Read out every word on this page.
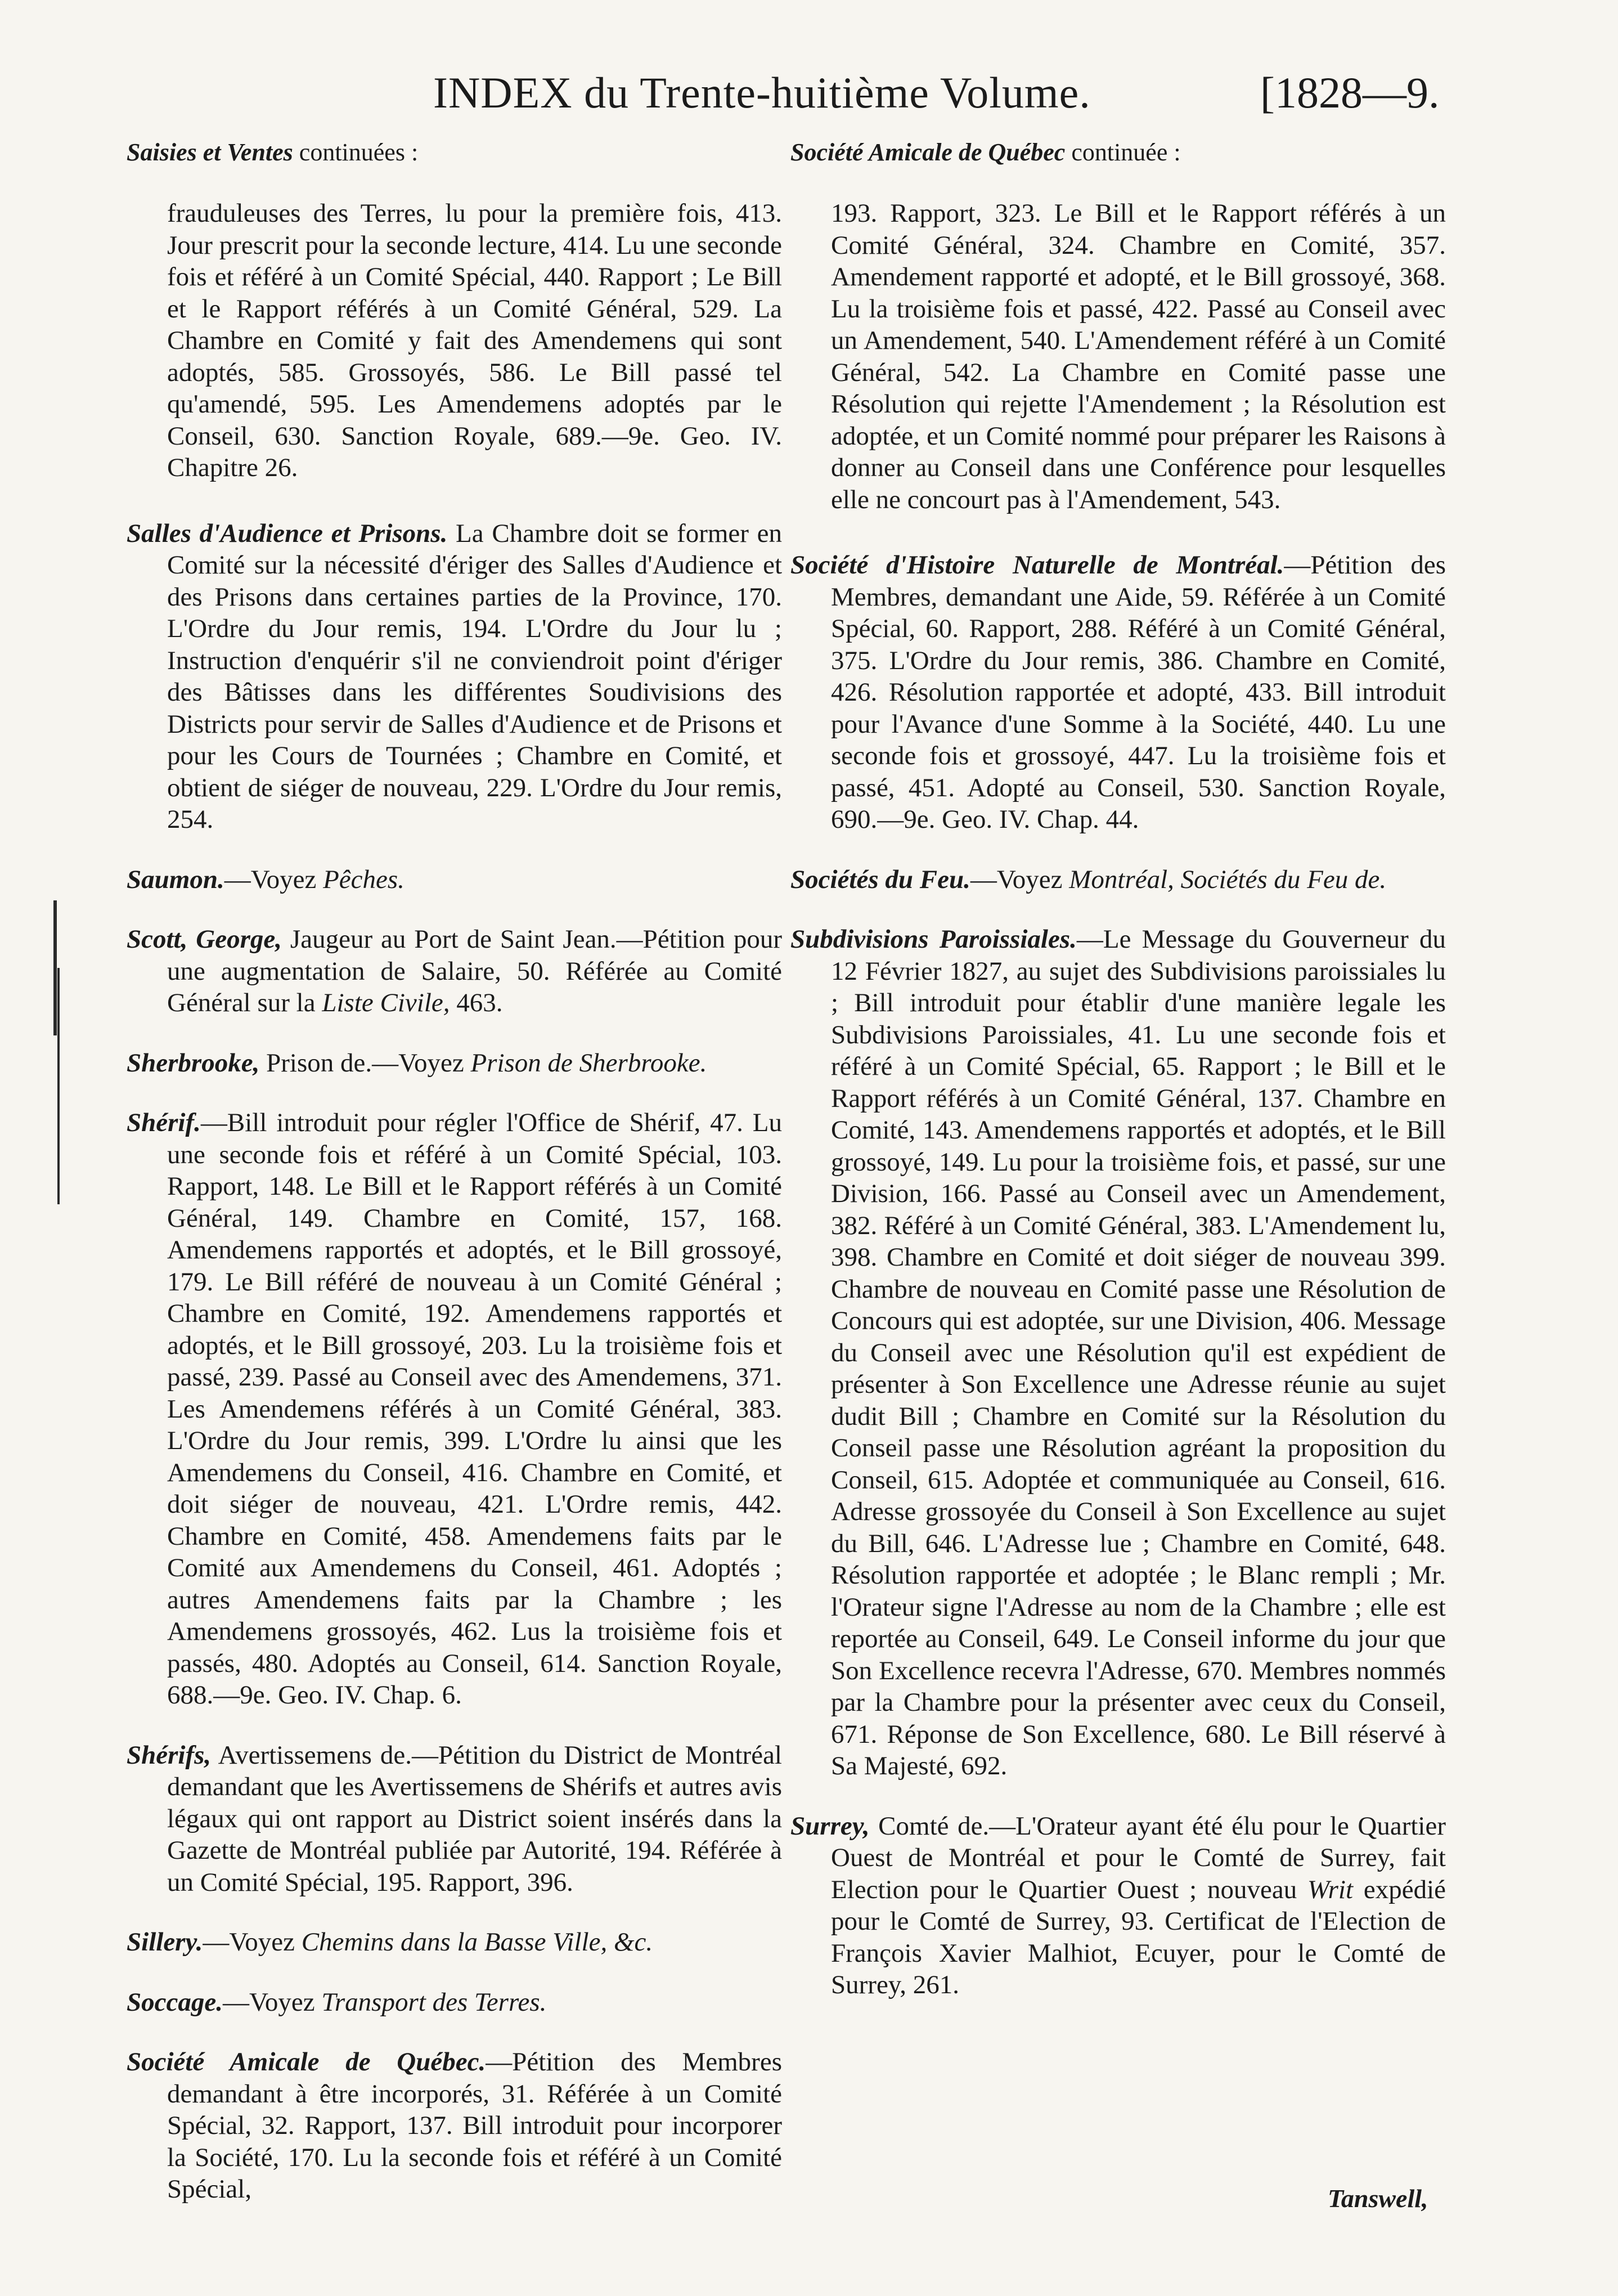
INDEX du Trente-huitième Volume.	[1828—9.
Saisies et Ventes continuées :
frauduleuses des Terres, lu pour la première fois, 413. Jour prescrit pour la seconde lecture, 414. Lu une seconde fois et référé à un Comité Spécial, 440. Rapport ; Le Bill et le Rapport référés à un Comité Général, 529. La Chambre en Comité y fait des Amendemens qui sont adoptés, 585. Grossoyés, 586. Le Bill passé tel qu'amendé, 595. Les Amendemens adoptés par le Conseil, 630. Sanction Royale, 689.—9e. Geo. IV. Chapitre 26.
Salles d'Audience et Prisons. La Chambre doit se former en Comité sur la nécessité d'ériger des Salles d'Audience et des Prisons dans certaines parties de la Province, 170. L'Ordre du Jour remis, 194. L'Ordre du Jour lu ; Instruction d'enquérir s'il ne conviendroit point d'ériger des Bâtisses dans les différentes Soudivisions des Districts pour servir de Salles d'Audience et de Prisons et pour les Cours de Tournées ; Chambre en Comité, et obtient de siéger de nouveau, 229. L'Ordre du Jour remis, 254.
Saumon.—Voyez Pêches.
Scott, George, Jaugeur au Port de Saint Jean.—Pétition pour une augmentation de Salaire, 50. Référée au Comité Général sur la Liste Civile, 463.
Sherbrooke, Prison de.—Voyez Prison de Sherbrooke.
Shérif.—Bill introduit pour régler l'Office de Shérif, 47. Lu une seconde fois et référé à un Comité Spécial, 103. Rapport, 148. Le Bill et le Rapport référés à un Comité Général, 149. Chambre en Comité, 157, 168. Amendemens rapportés et adoptés, et le Bill grossoyé, 179. Le Bill référé de nouveau à un Comité Général ; Chambre en Comité, 192. Amendemens rapportés et adoptés, et le Bill grossoyé, 203. Lu la troisième fois et passé, 239. Passé au Conseil avec des Amendemens, 371. Les Amendemens référés à un Comité Général, 383. L'Ordre du Jour remis, 399. L'Ordre lu ainsi que les Amendemens du Conseil, 416. Chambre en Comité, et doit siéger de nouveau, 421. L'Ordre remis, 442. Chambre en Comité, 458. Amendemens faits par le Comité aux Amendemens du Conseil, 461. Adoptés ; autres Amendemens faits par la Chambre ; les Amendemens grossoyés, 462. Lus la troisième fois et passés, 480. Adoptés au Conseil, 614. Sanction Royale, 688.—9e. Geo. IV. Chap. 6.
Shérifs, Avertissemens de.—Pétition du District de Montréal demandant que les Avertissemens de Shérifs et autres avis légaux qui ont rapport au District soient insérés dans la Gazette de Montréal publiée par Autorité, 194. Référée à un Comité Spécial, 195. Rapport, 396.
Sillery.—Voyez Chemins dans la Basse Ville, &c.
Soccage.—Voyez Transport des Terres.
Société Amicale de Québec.—Pétition des Membres demandant à être incorporés, 31. Référée à un Comité Spécial, 32. Rapport, 137. Bill introduit pour incorporer la Société, 170. Lu la seconde fois et référé à un Comité Spécial,
Société Amicale de Québec continuée :
193. Rapport, 323. Le Bill et le Rapport référés à un Comité Général, 324. Chambre en Comité, 357. Amendement rapporté et adopté, et le Bill grossoyé, 368. Lu la troisième fois et passé, 422. Passé au Conseil avec un Amendement, 540. L'Amendement référé à un Comité Général, 542. La Chambre en Comité passe une Résolution qui rejette l'Amendement ; la Résolution est adoptée, et un Comité nommé pour préparer les Raisons à donner au Conseil dans une Conférence pour lesquelles elle ne concourt pas à l'Amendement, 543.
Société d'Histoire Naturelle de Montréal.—Pétition des Membres, demandant une Aide, 59. Référée à un Comité Spécial, 60. Rapport, 288. Référé à un Comité Général, 375. L'Ordre du Jour remis, 386. Chambre en Comité, 426. Résolution rapportée et adopté, 433. Bill introduit pour l'Avance d'une Somme à la Société, 440. Lu une seconde fois et grossoyé, 447. Lu la troisième fois et passé, 451. Adopté au Conseil, 530. Sanction Royale, 690.—9e. Geo. IV. Chap. 44.
Sociétés du Feu.—Voyez Montréal, Sociétés du Feu de.
Subdivisions Paroissiales.—Le Message du Gouverneur du 12 Février 1827, au sujet des Subdivisions paroissiales lu ; Bill introduit pour établir d'une manière legale les Subdivisions Paroissiales, 41. Lu une seconde fois et référé à un Comité Spécial, 65. Rapport ; le Bill et le Rapport référés à un Comité Général, 137. Chambre en Comité, 143. Amendemens rapportés et adoptés, et le Bill grossoyé, 149. Lu pour la troisième fois, et passé, sur une Division, 166. Passé au Conseil avec un Amendement, 382. Référé à un Comité Général, 383. L'Amendement lu, 398. Chambre en Comité et doit siéger de nouveau 399. Chambre de nouveau en Comité passe une Résolution de Concours qui est adoptée, sur une Division, 406. Message du Conseil avec une Résolution qu'il est expédient de présenter à Son Excellence une Adresse réunie au sujet dudit Bill ; Chambre en Comité sur la Résolution du Conseil passe une Résolution agréant la proposition du Conseil, 615. Adoptée et communiquée au Conseil, 616. Adresse grossoyée du Conseil à Son Excellence au sujet du Bill, 646. L'Adresse lue ; Chambre en Comité, 648. Résolution rapportée et adoptée ; le Blanc rempli ; Mr. l'Orateur signe l'Adresse au nom de la Chambre ; elle est reportée au Conseil, 649. Le Conseil informe du jour que Son Excellence recevra l'Adresse, 670. Membres nommés par la Chambre pour la présenter avec ceux du Conseil, 671. Réponse de Son Excellence, 680. Le Bill réservé à Sa Majesté, 692.
Surrey, Comté de.—L'Orateur ayant été élu pour le Quartier Ouest de Montréal et pour le Comté de Surrey, fait Election pour le Quartier Ouest ; nouveau Writ expédié pour le Comté de Surrey, 93. Certificat de l'Election de François Xavier Malhiot, Ecuyer, pour le Comté de Surrey, 261.
Tanswell,
